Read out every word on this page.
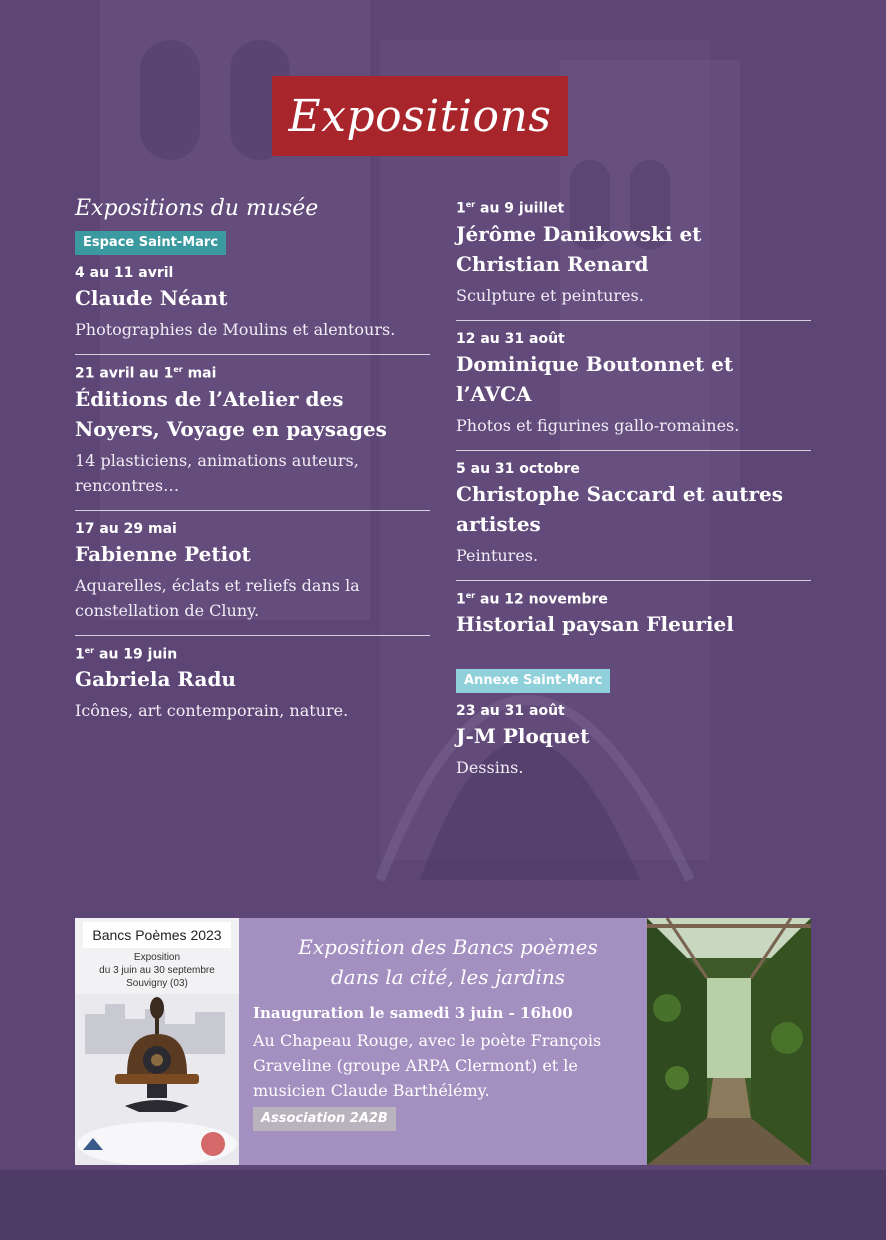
Expositions
Expositions du musée
Espace Saint-Marc
4 au 11 avril
Claude Néant
Photographies de Moulins et alentours.
21 avril au 1er mai
Éditions de l’Atelier des Noyers, Voyage en paysages
14 plasticiens, animations auteurs, rencontres…
17 au 29 mai
Fabienne Petiot
Aquarelles, éclats et reliefs dans la constellation de Cluny.
1er au 19 juin
Gabriela Radu
Icônes, art contemporain, nature.
1er au 9 juillet
Jérôme Danikowski et Christian Renard
Sculpture et peintures.
12 au 31 août
Dominique Boutonnet et l’AVCA
Photos et figurines gallo-romaines.
5 au 31 octobre
Christophe Saccard et autres artistes
Peintures.
1er au 12 novembre
Historial paysan Fleuriel
Annexe Saint-Marc
23 au 31 août
J-M Ploquet
Dessins.
Bancs Poèmes 2023
Exposition
du 3 juin au 30 septembre
Souvigny (03)
Exposition des Bancs poèmes
dans la cité, les jardins
Inauguration le samedi 3 juin - 16h00
Au Chapeau Rouge, avec le poète François Graveline (groupe ARPA Clermont) et le musicien Claude Barthélémy.
Association 2A2B
